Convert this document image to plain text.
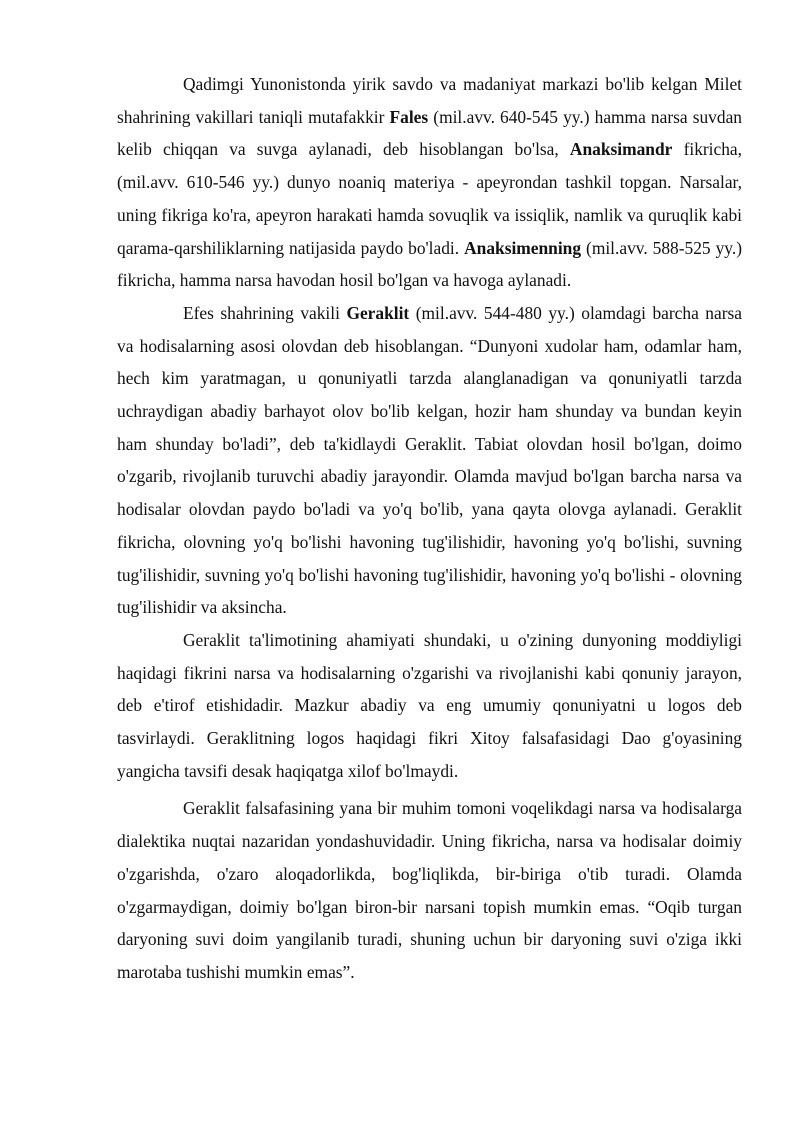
Qadimgi Yunonistonda yirik savdo va madaniyat markazi bo'lib kelgan Milet shahrining vakillari taniqli mutafakkir Fales (mil.avv. 640-545 yy.) hamma narsa suvdan kelib chiqqan va suvga aylanadi, deb hisoblangan bo'lsa, Anaksimandr fikricha, (mil.avv. 610-546 yy.) dunyo noaniq materiya - apeyrondan tashkil topgan. Narsalar, uning fikriga ko'ra, apeyron harakati hamda sovuqlik va issiqlik, namlik va quruqlik kabi qarama-qarshiliklarning natijasida paydo bo'ladi. Anaksimenning (mil.avv. 588-525 yy.) fikricha, hamma narsa havodan hosil bo'lgan va havoga aylanadi.

Efes shahrining vakili Geraklit (mil.avv. 544-480 yy.) olamdagi barcha narsa va hodisalarning asosi olovdan deb hisoblangan. “Dunyoni xudolar ham, odamlar ham, hech kim yaratmagan, u qonuniyatli tarzda alanglanadigan va qonuniyatli tarzda uchraydigan abadiy barhayot olov bo'lib kelgan, hozir ham shunday va bundan keyin ham shunday bo'ladi”, deb ta'kidlaydi Geraklit. Tabiat olovdan hosil bo'lgan, doimo o'zgarib, rivojlanib turuvchi abadiy jarayondir. Olamda mavjud bo'lgan barcha narsa va hodisalar olovdan paydo bo'ladi va yo'q bo'lib, yana qayta olovga aylanadi. Geraklit fikricha, olovning yo'q bo'lishi havoning tug'ilishidir, havoning yo'q bo'lishi, suvning tug'ilishidir, suvning yo'q bo'lishi havoning tug'ilishidir, havoning yo'q bo'lishi - olovning tug'ilishidir va aksincha.

Geraklit ta'limotining ahamiyati shundaki, u o'zining dunyoning moddiyligi haqidagi fikrini narsa va hodisalarning o'zgarishi va rivojlanishi kabi qonuniy jarayon, deb e'tirof etishidadir. Mazkur abadiy va eng umumiy qonuniyatni u logos deb tasvirlaydi. Geraklitning logos haqidagi fikri Xitoy falsafasidagi Dao g'oyasining yangicha tavsifi desak haqiqatga xilof bo'lmaydi.

Geraklit falsafasining yana bir muhim tomoni voqelikdagi narsa va hodisalarga dialektika nuqtai nazaridan yondashuvidadir. Uning fikricha, narsa va hodisalar doimiy o'zgarishda, o'zaro aloqadorlikda, bog'liqlikda, bir-biriga o'tib turadi. Olamda o'zgarmaydigan, doimiy bo'lgan biron-bir narsani topish mumkin emas. “Oqib turgan daryoning suvi doim yangilanib turadi, shuning uchun bir daryoning suvi o'ziga ikki marotaba tushishi mumkin emas”.
